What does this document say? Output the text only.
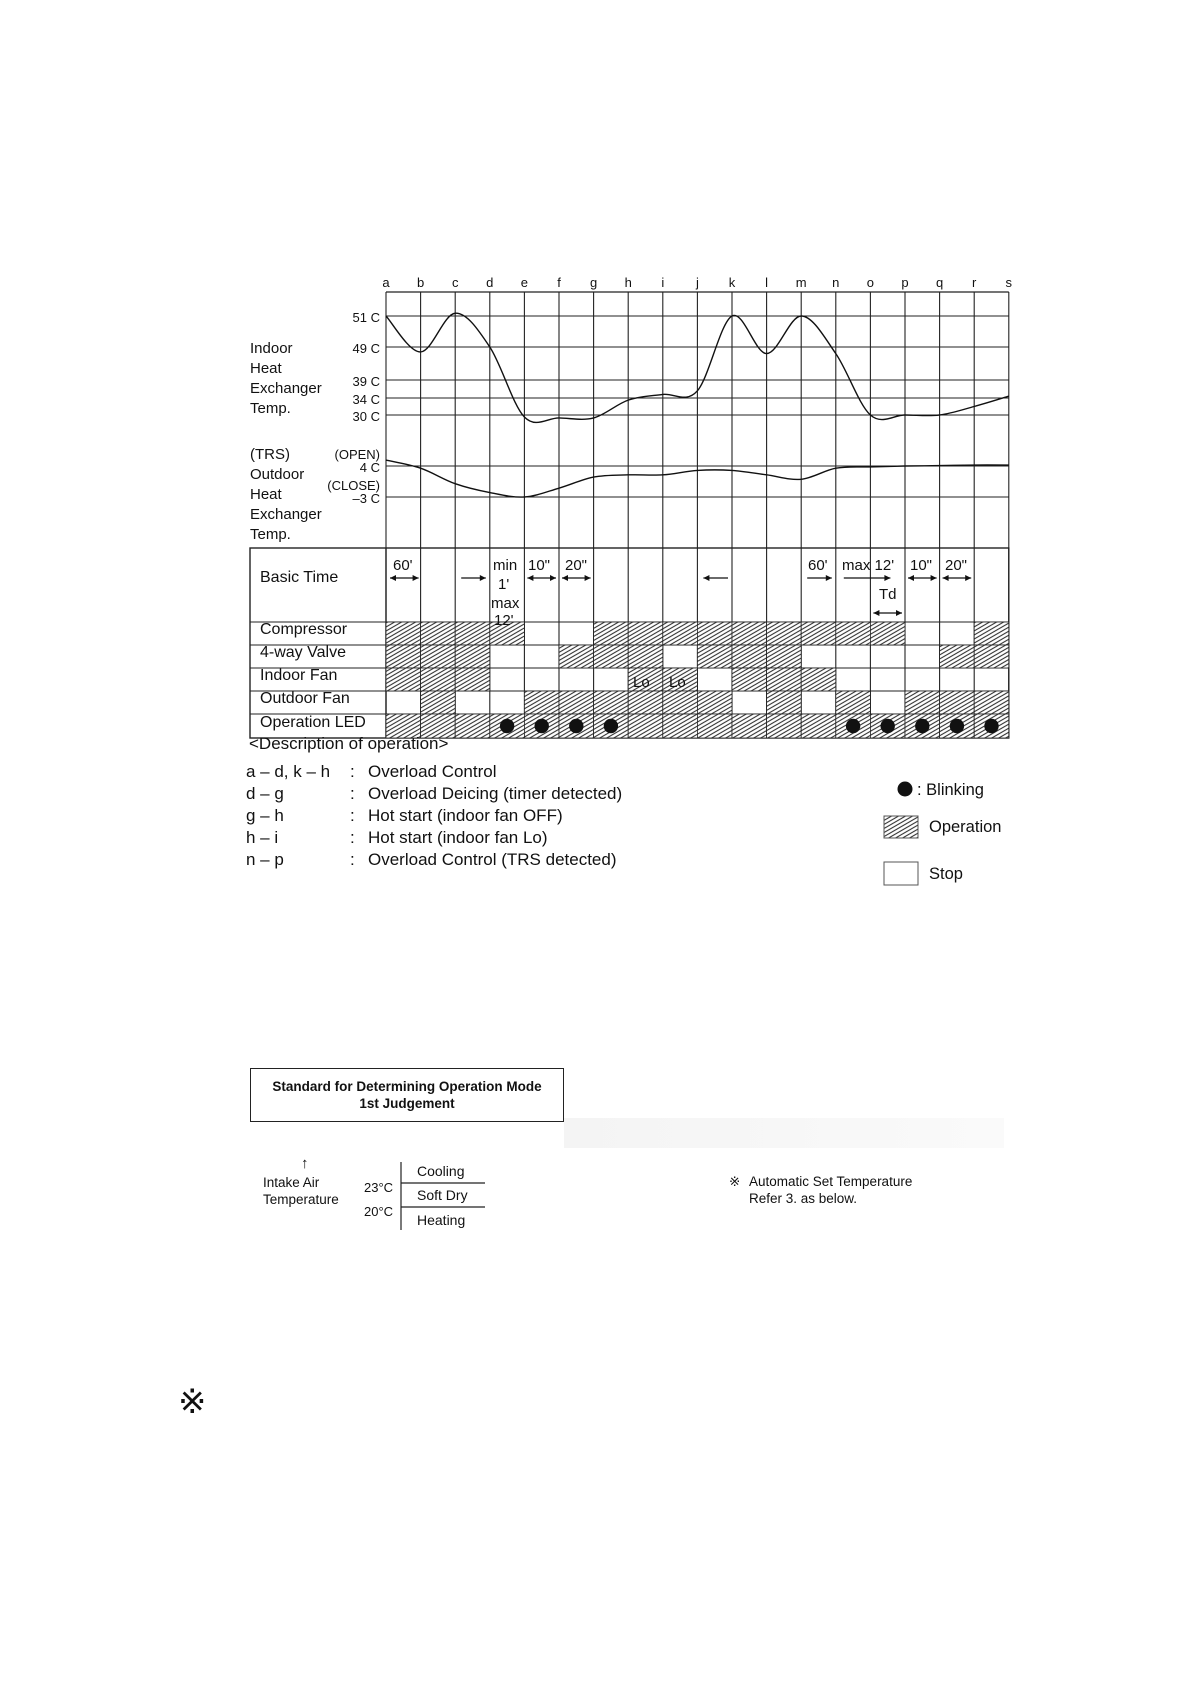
a b c d e f g h i j k l m n o p q r s
51 C
49 C
39 C
34 C
30 C
(OPEN)
4 C
(CLOSE)
–3 C
Basic Time
Compressor
4-way Valve
Indoor Fan
Outdoor Fan
Operation LED
Indoor
Heat
Exchanger
Temp.
(TRS)
Outdoor
Heat
Exchanger
Temp.
60'	min
1'
max
12'
10" 20"	60' max 12'
Td
10" 20"
Lo Lo
: Blinking
Operation
Stop
↑
Intake Air
Temperature
23°C
20°C
Cooling
Soft Dry
Heating
※ Automatic Set Temperature
Refer 3. as below.
※
<Description of operation>
a – d, k – h : Overload Control
d – g	: Overload Deicing (timer detected)
g – h	: Hot start (indoor fan OFF)
h – i	: Hot start (indoor fan Lo)
n – p	: Overload Control (TRS detected)
Standard for Determining Operation Mode
1st Judgement
